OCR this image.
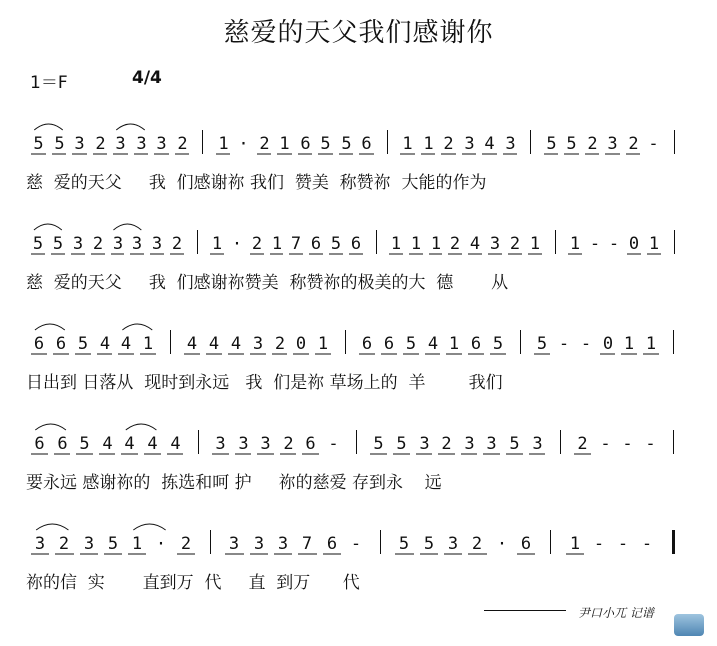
慈爱的天父我们感谢你
1＝F	4/4
5 5 3 2 3 3 3 2	1 · 2 1 6 5 5 6	1 1 2 3 4 3	5 5 2 3 2 -
慈  爱的天父     我  们感谢祢 我们  赞美  称赞祢  大能的作为
5 5 3 2 3 3 3 2 1 · 2 1 7 6 5 6 1 1 1 2 4 3 2 1 1 - - 0 1
慈  爱的天父     我  们感谢祢赞美  称赞祢的极美的大  德       从
6 6 5 4 4 1	4 4 4 3 2 0 1	6 6 5 4 1 6 5	5 - - 0 1 1
日出到 日落从  现时到永远   我  们是祢 草场上的  羊        我们
6 6 5 4 4 4 4	3 3 3 2 6 -	5 5 3 2 3 3 5 3	2 - - -
要永远 感谢祢的  拣选和呵 护     祢的慈爱 存到永    远
3 2 3 5 1 · 2	3 3 3 7 6 -	5 5 3 2 · 6	1 - - -
祢的信  实       直到万  代     直  到万      代
尹口小兀 记谱
